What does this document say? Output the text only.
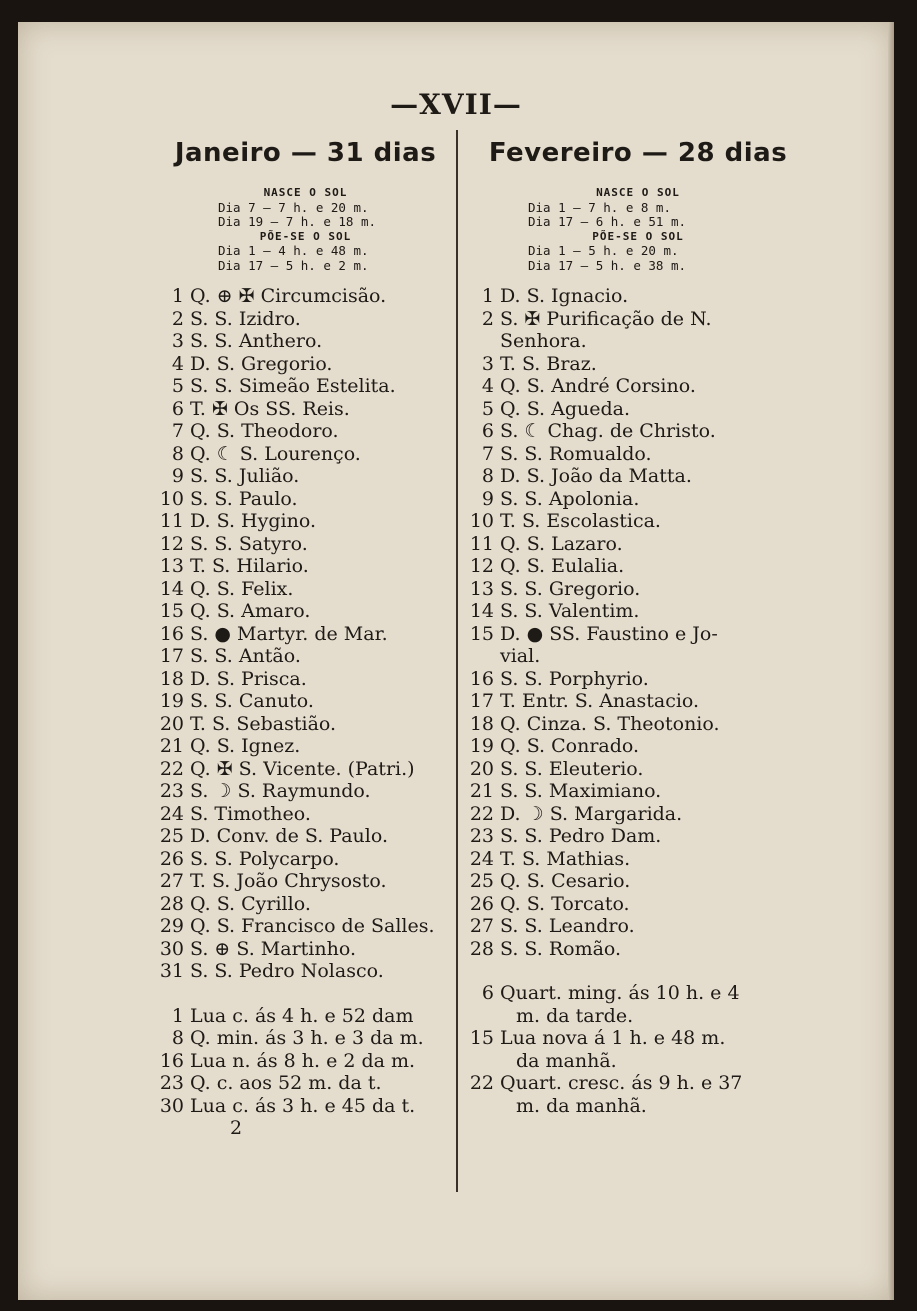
—XVII—
Janeiro — 31 dias
NASCE O SOL
Dia 7 — 7 h. e 20 m.
Dia 19 — 7 h. e 18 m.
PÕE-SE O SOL
Dia 1 — 4 h. e 48 m.
Dia 17 — 5 h. e 2 m.
1 Q. ⊕ ✠ Circumcisão.
2 S. S. Izidro.
3 S. S. Anthero.
4 D. S. Gregorio.
5 S. S. Simeão Estelita.
6 T. ✠ Os SS. Reis.
7 Q. S. Theodoro.
8 Q. ☾ S. Lourenço.
9 S. S. Julião.
10 S. S. Paulo.
11 D. S. Hygino.
12 S. S. Satyro.
13 T. S. Hilario.
14 Q. S. Felix.
15 Q. S. Amaro.
16 S. ● Martyr. de Mar.
17 S. S. Antão.
18 D. S. Prisca.
19 S. S. Canuto.
20 T. S. Sebastião.
21 Q. S. Ignez.
22 Q. ✠ S. Vicente. (Patri.)
23 S. ☽ S. Raymundo.
24 S. Timotheo.
25 D. Conv. de S. Paulo.
26 S. S. Polycarpo.
27 T. S. João Chrysosto.
28 Q. S. Cyrillo.
29 Q. S. Francisco de Salles.
30 S. ⊕ S. Martinho.
31 S. S. Pedro Nolasco.
1 Lua c. ás 4 h. e 52 dam
8 Q. min. ás 3 h. e 3 da m.
16 Lua n. ás 8 h. e 2 da m.
23 Q. c. aos 52 m. da t.
30 Lua c. ás 3 h. e 45 da t.
2
Fevereiro — 28 dias
NASCE O SOL
Dia 1 — 7 h. e 8 m.
Dia 17 — 6 h. e 51 m.
PÕE-SE O SOL
Dia 1 — 5 h. e 20 m.
Dia 17 — 5 h. e 38 m.
1 D. S. Ignacio.
2 S. ✠ Purificação de N.
Senhora.
3 T. S. Braz.
4 Q. S. André Corsino.
5 Q. S. Agueda.
6 S. ☾ Chag. de Christo.
7 S. S. Romualdo.
8 D. S. João da Matta.
9 S. S. Apolonia.
10 T. S. Escolastica.
11 Q. S. Lazaro.
12 Q. S. Eulalia.
13 S. S. Gregorio.
14 S. S. Valentim.
15 D. ● SS. Faustino e Jo-
vial.
16 S. S. Porphyrio.
17 T. Entr. S. Anastacio.
18 Q. Cinza. S. Theotonio.
19 Q. S. Conrado.
20 S. S. Eleuterio.
21 S. S. Maximiano.
22 D. ☽ S. Margarida.
23 S. S. Pedro Dam.
24 T. S. Mathias.
25 Q. S. Cesario.
26 Q. S. Torcato.
27 S. S. Leandro.
28 S. S. Romão.
6 Quart. ming. ás 10 h. e 4
m. da tarde.
15 Lua nova á 1 h. e 48 m.
da manhã.
22 Quart. cresc. ás 9 h. e 37
m. da manhã.
